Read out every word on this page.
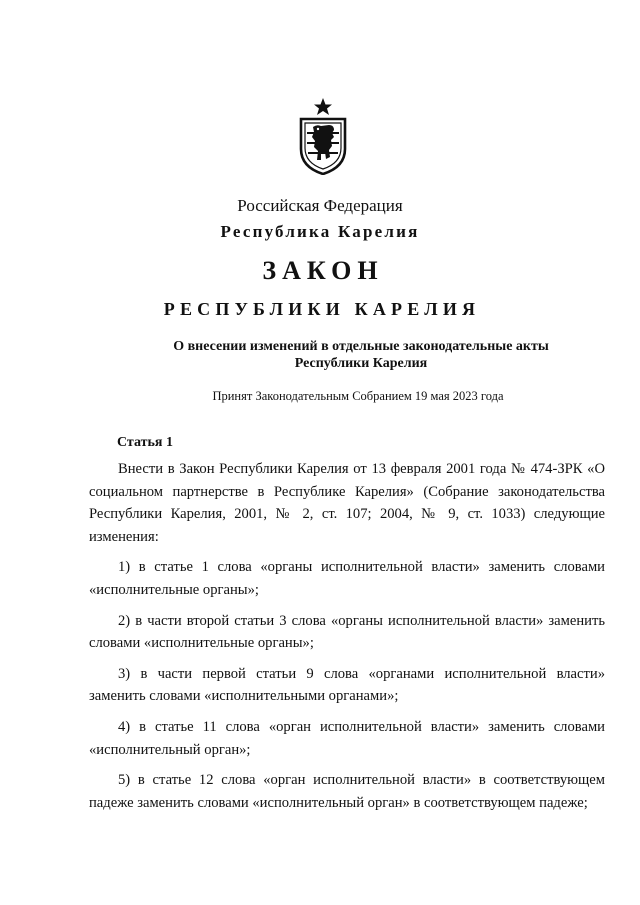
Российская Федерация
Республика Карелия
ЗАКОН
РЕСПУБЛИКИ КАРЕЛИЯ
О внесении изменений в отдельные законодательные акты Республики Карелия
Принят Законодательным Собранием 19 мая 2023 года
Статья 1

Внести в Закон Республики Карелия от 13 февраля 2001 года № 474-ЗРК «О социальном партнерстве в Республике Карелия» (Собрание законодательства Республики Карелия, 2001, № 2, ст. 107; 2004, № 9, ст. 1033) следующие изменения:

1) в статье 1 слова «органы исполнительной власти» заменить словами «исполнительные органы»;

2) в части второй статьи 3 слова «органы исполнительной власти» заменить словами «исполнительные органы»;

3) в части первой статьи 9 слова «органами исполнительной власти» заменить словами «исполнительными органами»;

4) в статье 11 слова «орган исполнительной власти» заменить словами «исполнительный орган»;

5) в статье 12 слова «орган исполнительной власти» в соответствующем падеже заменить словами «исполнительный орган» в соответствующем падеже;
